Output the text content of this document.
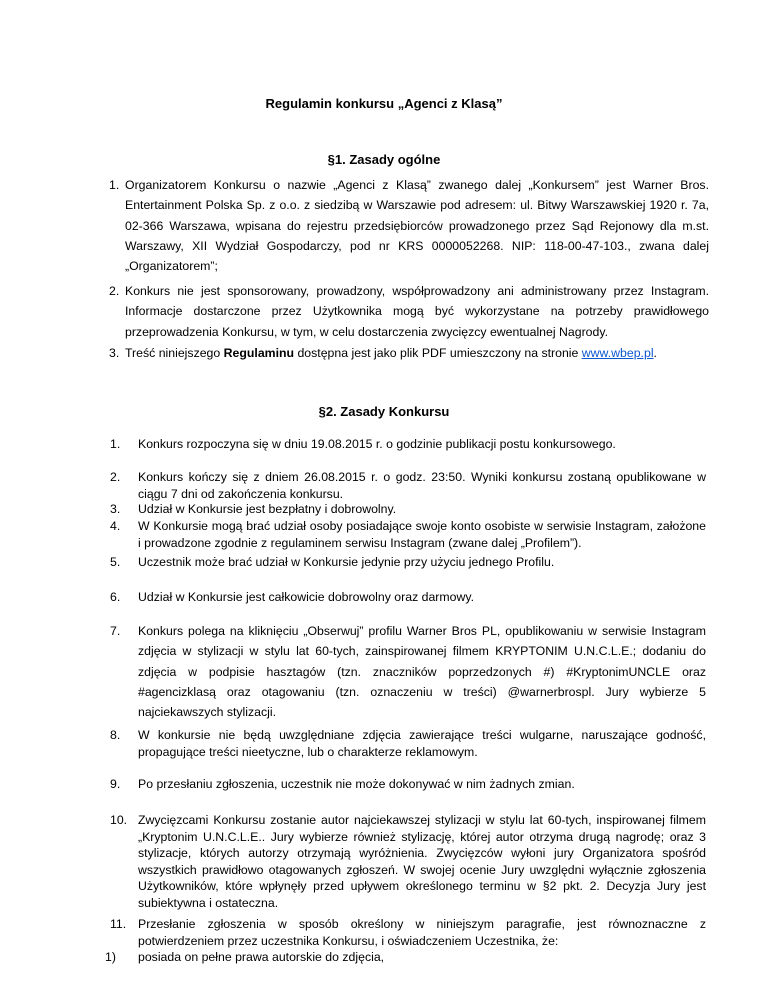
Regulamin konkursu „Agenci z Klasą”
§1. Zasady ogólne
1. Organizatorem Konkursu o nazwie „Agenci z Klasą” zwanego dalej „Konkursem” jest Warner Bros. Entertainment Polska Sp. z o.o. z siedzibą w Warszawie pod adresem: ul. Bitwy Warszawskiej 1920 r. 7a, 02-366 Warszawa, wpisana do rejestru przedsiębiorców prowadzonego przez Sąd Rejonowy dla m.st. Warszawy, XII Wydział Gospodarczy, pod nr KRS 0000052268. NIP: 118-00-47-103., zwana dalej „Organizatorem”;
2. Konkurs nie jest sponsorowany, prowadzony, współprowadzony ani administrowany przez Instagram. Informacje dostarczone przez Użytkownika mogą być wykorzystane na potrzeby prawidłowego przeprowadzenia Konkursu, w tym, w celu dostarczenia zwycięzcy ewentualnej Nagrody.
3. Treść niniejszego Regulaminu dostępna jest jako plik PDF umieszczony na stronie www.wbep.pl.
§2. Zasady Konkursu
1. Konkurs rozpoczyna się w dniu 19.08.2015 r. o godzinie publikacji postu konkursowego.
2. Konkurs kończy się z dniem 26.08.2015 r. o godz. 23:50. Wyniki konkursu zostaną opublikowane w ciągu 7 dni od zakończenia konkursu.
3. Udział w Konkursie jest bezpłatny i dobrowolny.
4. W Konkursie mogą brać udział osoby posiadające swoje konto osobiste w serwisie Instagram, założone i prowadzone zgodnie z regulaminem serwisu Instagram (zwane dalej „Profilem”).
5. Uczestnik może brać udział w Konkursie jedynie przy użyciu jednego Profilu.
6. Udział w Konkursie jest całkowicie dobrowolny oraz darmowy.
7. Konkurs polega na kliknięciu „Obserwuj” profilu Warner Bros PL, opublikowaniu w serwisie Instagram zdjęcia w stylizacji w stylu lat 60-tych, zainspirowanej filmem KRYPTONIM U.N.C.L.E.; dodaniu do zdjęcia w podpisie hasztagów (tzn. znaczników poprzedzonych #) #KryptonimUNCLE oraz #agencizklasą oraz otagowaniu (tzn. oznaczeniu w treści) @warnerbrospl. Jury wybierze 5 najciekawszych stylizacji.
8. W konkursie nie będą uwzględniane zdjęcia zawierające treści wulgarne, naruszające godność, propagujące treści nieetyczne, lub o charakterze reklamowym.
9. Po przesłaniu zgłoszenia, uczestnik nie może dokonywać w nim żadnych zmian.
10. Zwycięzcami Konkursu zostanie autor najciekawszej stylizacji w stylu lat 60-tych, inspirowanej filmem „Kryptonim U.N.C.L.E.. Jury wybierze również stylizację, której autor otrzyma drugą nagrodę; oraz 3 stylizacje, których autorzy otrzymają wyróżnienia. Zwycięzców wyłoni jury Organizatora spośród wszystkich prawidłowo otagowanych zgłoszeń. W swojej ocenie Jury uwzględni wyłącznie zgłoszenia Użytkowników, które wpłynęły przed upływem określonego terminu w §2 pkt. 2. Decyzja Jury jest subiektywna i ostateczna.
11. Przesłanie zgłoszenia w sposób określony w niniejszym paragrafie, jest równoznaczne z potwierdzeniem przez uczestnika Konkursu, i oświadczeniem Uczestnika, że:
1) posiada on pełne prawa autorskie do zdjęcia,
